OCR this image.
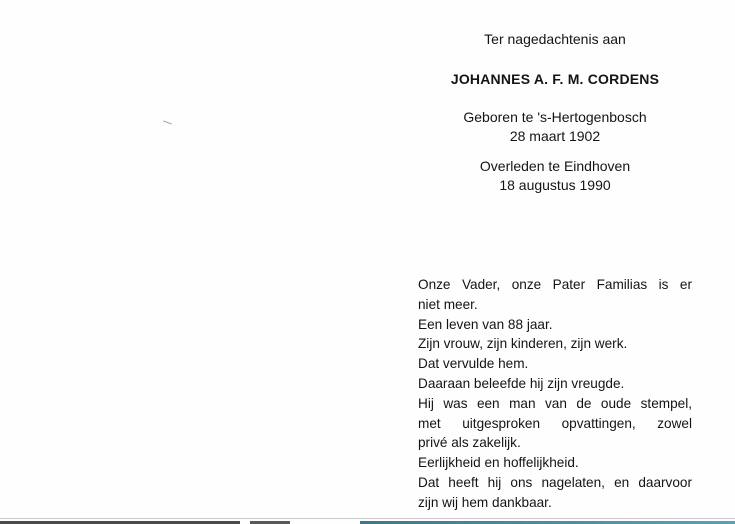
Ter nagedachtenis aan
JOHANNES A. F. M. CORDENS
Geboren te 's-Hertogenbosch
28 maart 1902
Overleden te Eindhoven
18 augustus 1990
Onze Vader, onze Pater Familias is er
niet meer.
Een leven van 88 jaar.
Zijn vrouw, zijn kinderen, zijn werk.
Dat vervulde hem.
Daaraan beleefde hij zijn vreugde.
Hij was een man van de oude stempel,
met uitgesproken opvattingen, zowel
privé als zakelijk.
Eerlijkheid en hoffelijkheid.
Dat heeft hij ons nagelaten, en daarvoor
zijn wij hem dankbaar.
